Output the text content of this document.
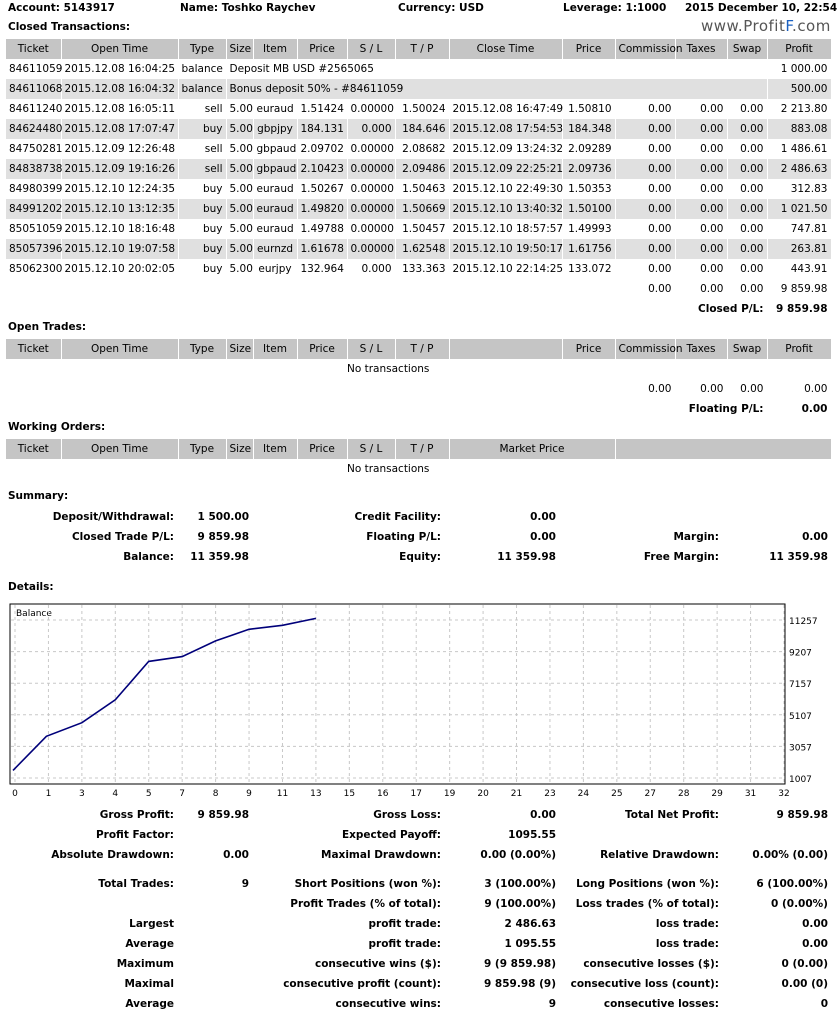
Account: 5143917	Name: Toshko Raychev	Currency: USD	Leverage: 1:1000 2015 December 10, 22:54
www.ProfitF.com
Closed Transactions:
Ticket	Open Time	Type	Size	Item	Price	S / L	T / P	Close Time	Price	Commission	Taxes	Swap	Profit
84611059	2015.12.08 16:04:25	balance	Deposit MB USD #2565065										1 000.00
84611068	2015.12.08 16:04:32	balance	Bonus deposit 50% - #84611059										500.00
84611240	2015.12.08 16:05:11	sell	5.00	euraud	1.51424	0.00000	1.50024	2015.12.08 16:47:49	1.50810	0.00	0.00	0.00	2 213.80
84624480	2015.12.08 17:07:47	buy	5.00	gbpjpy	184.131	0.000	184.646	2015.12.08 17:54:53	184.348	0.00	0.00	0.00	883.08
84750281	2015.12.09 12:26:48	sell	5.00	gbpaud	2.09702	0.00000	2.08682	2015.12.09 13:24:32	2.09289	0.00	0.00	0.00	1 486.61
84838738	2015.12.09 19:16:26	sell	5.00	gbpaud	2.10423	0.00000	2.09486	2015.12.09 22:25:21	2.09736	0.00	0.00	0.00	2 486.63
84980399	2015.12.10 12:24:35	buy	5.00	euraud	1.50267	0.00000	1.50463	2015.12.10 22:49:30	1.50353	0.00	0.00	0.00	312.83
84991202	2015.12.10 13:12:35	buy	5.00	euraud	1.49820	0.00000	1.50669	2015.12.10 13:40:32	1.50100	0.00	0.00	0.00	1 021.50
85051059	2015.12.10 18:16:48	buy	5.00	euraud	1.49788	0.00000	1.50457	2015.12.10 18:57:57	1.49993	0.00	0.00	0.00	747.81
85057396	2015.12.10 19:07:58	buy	5.00	eurnzd	1.61678	0.00000	1.62548	2015.12.10 19:50:17	1.61756	0.00	0.00	0.00	263.81
85062300	2015.12.10 20:02:05	buy	5.00	eurjpy	132.964	0.000	133.363	2015.12.10 22:14:25	133.072	0.00	0.00	0.00	443.91
										0.00	0.00	0.00	9 859.98
										Closed P/L:			9 859.98
Open Trades:
Ticket	Open Time	Type	Size	Item	Price	S / L	T / P		Price	Commission	Taxes	Swap	Profit
No transactions													
										0.00	0.00	0.00	0.00
										Floating P/L:			0.00
Working Orders:
Ticket	Open Time	Type	Size	Item	Price	S / L	T / P	Market Price	
No transactions
Summary:
Deposit/Withdrawal:	1 500.00	Credit Facility:	0.00
Closed Trade P/L:	9 859.98	Floating P/L:	0.00	Margin:	0.00
Balance:	11 359.98	Equity:	11 359.98	Free Margin:	11 359.98
Details:
Balance
0	1	3	4	5	7	8	9	11 13 15 16 17 19 20 21 23 24 25 27 28 29 31 32
11257
9207
7157
5107
3057
1007
Gross Profit:	9 859.98	Gross Loss:	0.00	Total Net Profit:	9 859.98
Profit Factor:	Expected Payoff:	1095.55
Absolute Drawdown:	0.00	Maximal Drawdown:	0.00 (0.00%)	Relative Drawdown:	0.00% (0.00)
Total Trades:	9	Short Positions (won %):	3 (100.00%)	Long Positions (won %):	6 (100.00%)
Profit Trades (% of total):	9 (100.00%)	Loss trades (% of total):	0 (0.00%)
Largest	profit trade:	2 486.63	loss trade:	0.00
Average	profit trade:	1 095.55	loss trade:	0.00
Maximum	consecutive wins ($):	9 (9 859.98)	consecutive losses ($):	0 (0.00)
Maximal	consecutive profit (count):	9 859.98 (9)	consecutive loss (count):	0.00 (0)
Average	consecutive wins:	9	consecutive losses:	0
